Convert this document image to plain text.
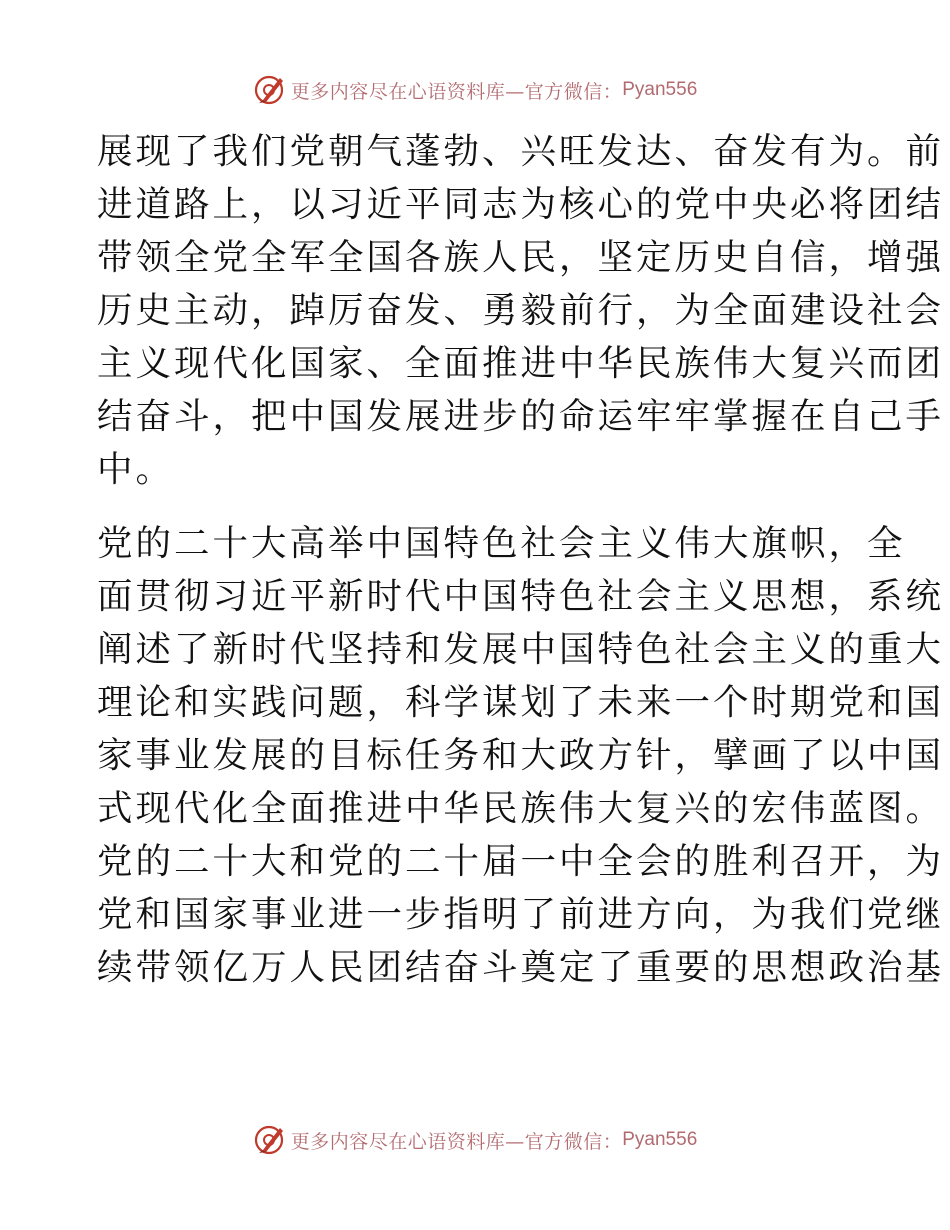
更多内容尽在心语资料库—官方微信： Pyan556
展现了我们党朝气蓬勃、兴旺发达、奋发有为。前
进道路上，以习近平同志为核心的党中央必将团结
带领全党全军全国各族人民，坚定历史自信，增强
历史主动，踔厉奋发、勇毅前行，为全面建设社会
主义现代化国家、全面推进中华民族伟大复兴而团
结奋斗，把中国发展进步的命运牢牢掌握在自己手
中。
党的二十大高举中国特色社会主义伟大旗帜，全
面贯彻习近平新时代中国特色社会主义思想，系统
阐述了新时代坚持和发展中国特色社会主义的重大
理论和实践问题，科学谋划了未来一个时期党和国
家事业发展的目标任务和大政方针，擘画了以中国
式现代化全面推进中华民族伟大复兴的宏伟蓝图。
党的二十大和党的二十届一中全会的胜利召开，为
党和国家事业进一步指明了前进方向，为我们党继
续带领亿万人民团结奋斗奠定了重要的思想政治基
更多内容尽在心语资料库—官方微信： Pyan556
